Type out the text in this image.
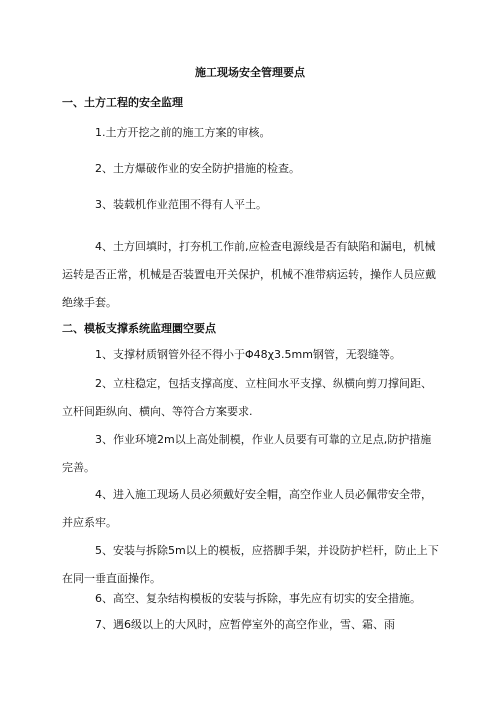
施工现场安全管理要点
一、土方工程的安全监理
1.土方开挖之前的施工方案的审核。
2、土方爆破作业的安全防护措施的检查。
3、装载机作业范围不得有人平土。
4、土方回填时，打夯机工作前,应检查电源线是否有缺陷和漏电，机械运转是否正常，机械是否装置电开关保护，机械不准带病运转，操作人员应戴绝缘手套。
二、模板支撑系统监理圜空要点
1、支撑材质钢管外径不得小于Φ48χ3.5mm钢管，无裂缝等。
2、立柱稳定，包括支撑高度、立柱间水平支撑、纵横向剪刀撑间距、立杆间距纵向、横向、等符合方案要求.
3、作业环境2m以上高处制模，作业人员要有可靠的立足点,防护措施完善。
4、进入施工现场人员必须戴好安全帽，高空作业人员必佩带安全带，并应系牢。
5、安装与拆除5m以上的模板，应搭脚手架，并设防护栏杆，防止上下在同一垂直面操作。
6、高空、复杂结构模板的安装与拆除，事先应有切实的安全措施。
7、遇6级以上的大风时，应暂停室外的高空作业，雪、霜、雨
